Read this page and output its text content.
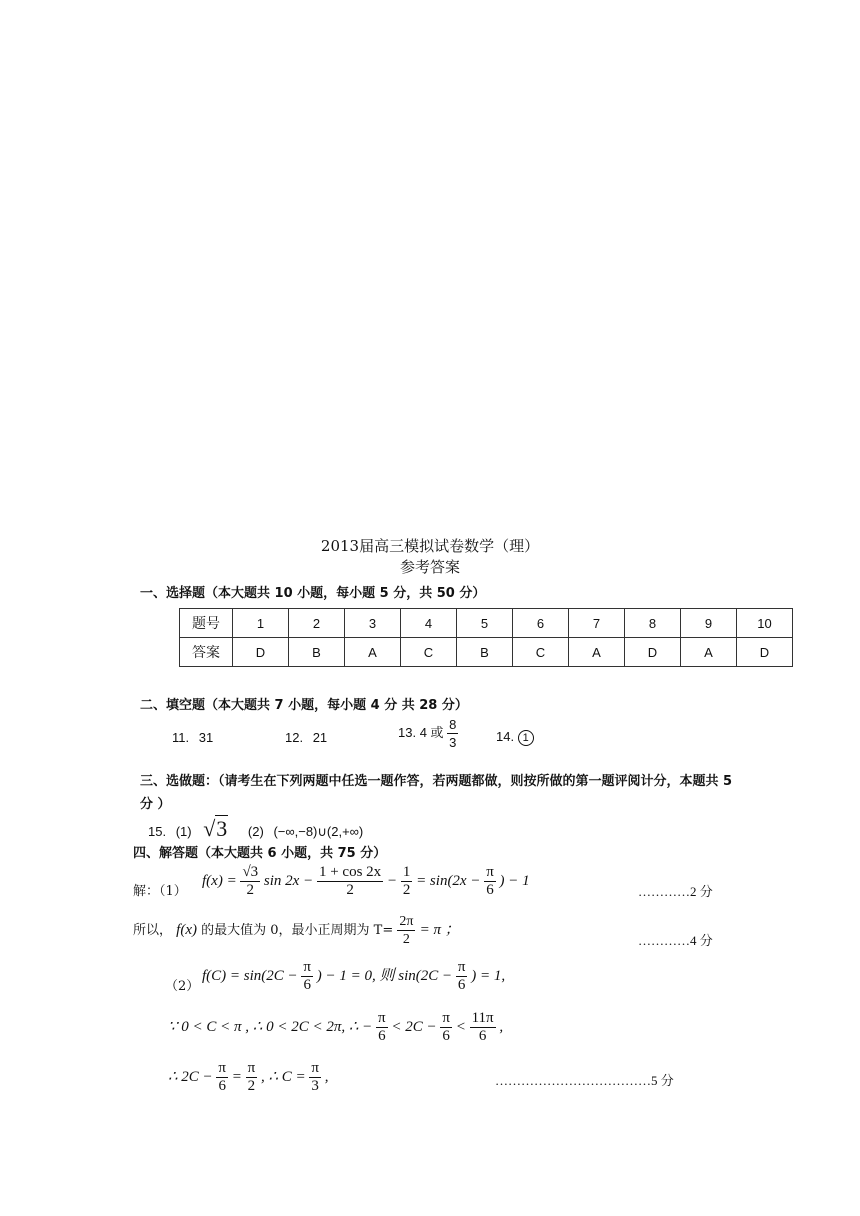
2013届高三模拟试卷数学（理）
参考答案
一、选择题（本大题共 10 小题，每小题 5 分，共 50 分）
题号	1	2	3	4	5	6	7	8	9	10
答案	D	B	A	C	B	C	A	D	A	D
二、填空题（本大题共 7 小题，每小题 4 分 共 28 分）
11. 31	12. 21	13. 4 或 $\frac{8}{3}$	14. 1
三、选做题：（请考生在下列两题中任选一题作答，若两题都做，则按所做的第一题评阅计分，本题共 5
分 ）
15. (1) √3 (2) (−∞,−8)∪(2,+∞)
四、解答题（本大题共 6 小题，共 75 分）
解：（1）
$f(x) = \frac{√3}{2}$ $\sin 2x - \frac{1 + \cos 2x}{2} - \frac{1}{2} = \sin(2x - \frac{\pi}{6}$ ) − 1
…………2 分
所以， f(x) 的最大值为 0，最小正周期为 $T= \frac{2\pi}{2} = \pi$ ；
…………4 分
（2）
$f(C) = \sin(2C - \frac{\pi}{6}$ ) − 1 = 0, 则 $\sin(2C - \frac{\pi}{6}$ ) = 1,
∵ 0 < C < π , ∴ 0 < 2C < 2π, ∴ − $\frac{\pi}{6} < 2C - \frac{\pi}{6} < \frac{11\pi}{6}$ ,
∴ $2C - \frac{\pi}{6} = \frac{\pi}{2}$ , ∴ $C = \frac{\pi}{3}$ ,	………………………………5 分
